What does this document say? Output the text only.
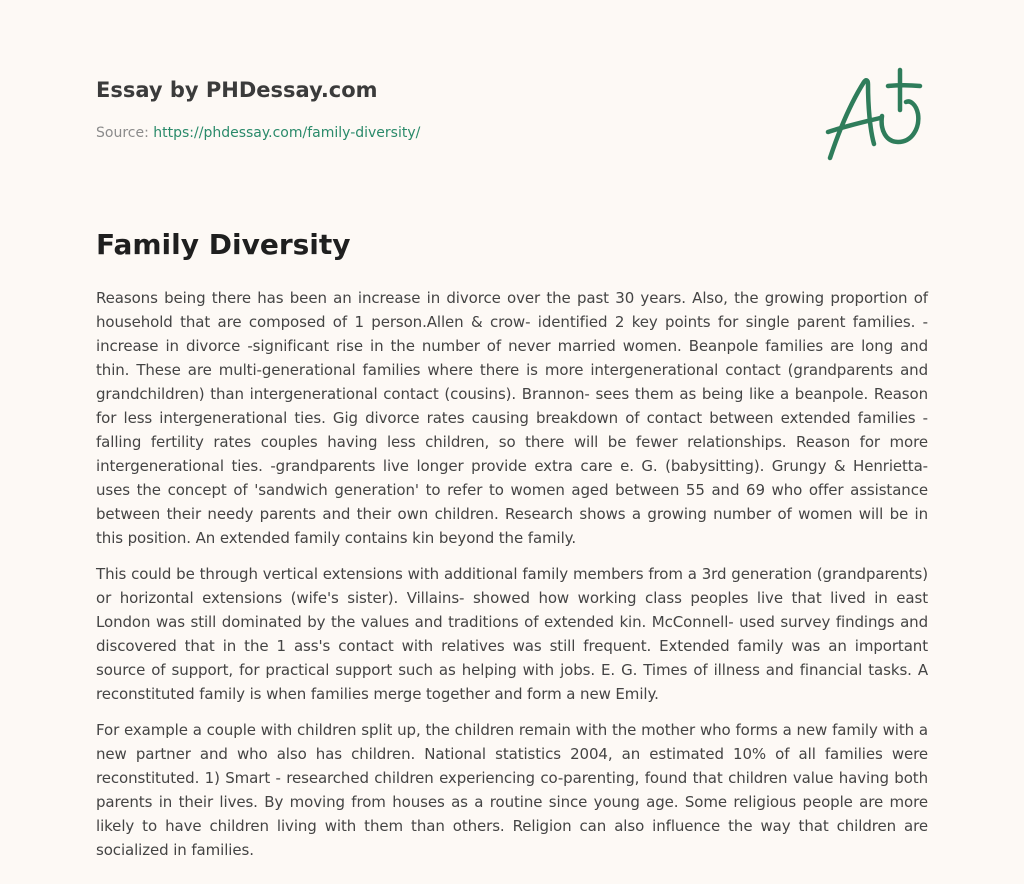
Essay by PHDessay.com
Source: https://phdessay.com/family-diversity/
Family Diversity

Reasons being there has been an increase in divorce over the past 30 years. Also, the growing proportion of household that are composed of 1 person.Allen & crow- identified 2 key points for single parent families. -increase in divorce -significant rise in the number of never married women. Beanpole families are long and thin. These are multi-generational families where there is more intergenerational contact (grandparents and grandchildren) than intergenerational contact (cousins). Brannon- sees them as being like a beanpole. Reason for less intergenerational ties. Gig divorce rates causing breakdown of contact between extended families -falling fertility rates couples having less children, so there will be fewer relationships. Reason for more intergenerational ties. -grandparents live longer provide extra care e. G. (babysitting). Grungy & Henrietta- uses the concept of 'sandwich generation' to refer to women aged between 55 and 69 who offer assistance between their needy parents and their own children. Research shows a growing number of women will be in this position. An extended family contains kin beyond the family.

This could be through vertical extensions with additional family members from a 3rd generation (grandparents) or horizontal extensions (wife's sister). Villains- showed how working class peoples live that lived in east London was still dominated by the values and traditions of extended kin. McConnell- used survey findings and discovered that in the 1 ass's contact with relatives was still frequent. Extended family was an important source of support, for practical support such as helping with jobs. E. G. Times of illness and financial tasks. A reconstituted family is when families merge together and form a new Emily.

For example a couple with children split up, the children remain with the mother who forms a new family with a new partner and who also has children. National statistics 2004, an estimated 10% of all families were reconstituted. 1) Smart - researched children experiencing co-parenting, found that children value having both parents in their lives. By moving from houses as a routine since young age. Some religious people are more likely to have children living with them than others. Religion can also influence the way that children are socialized in families.
